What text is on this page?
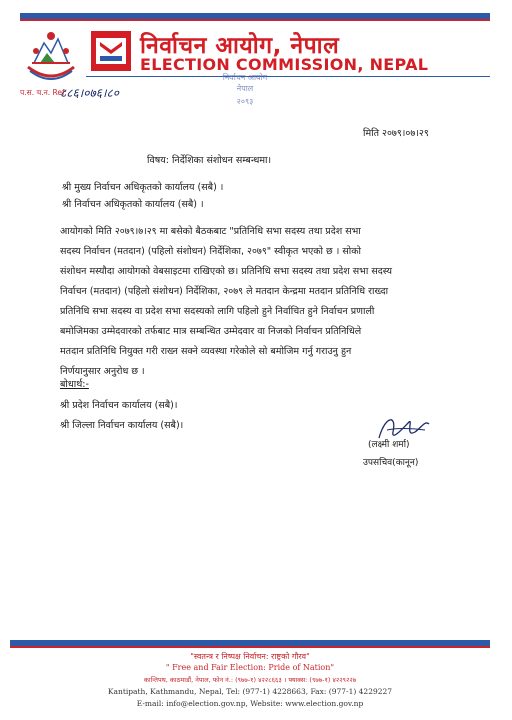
निर्वाचन आयोग, नेपाल
ELECTION COMMISSION, NEPAL
निर्वाचन आयोग
नेपाल
२०९३
प.स. च.न. Ref:
८८६।०७६।८०
मिति २०७९।०७।२९
विषय: निर्देशिका संशोधन सम्बन्धमा।
श्री मुख्य निर्वाचन अधिकृतको कार्यालय (सबै) ।
श्री निर्वाचन अधिकृतको कार्यालय (सबै) ।
आयोगको मिति २०७९।७।२९ मा बसेको बैठकबाट "प्रतिनिधि सभा सदस्य तथा प्रदेश सभा
सदस्य निर्वाचन (मतदान) (पहिलो संशोधन) निर्देशिका, २०७९" स्वीकृत भएको छ । सोको
संशोधन मस्यौदा आयोगको वेबसाइटमा राखिएको छ। प्रतिनिधि सभा सदस्य तथा प्रदेश सभा सदस्य
निर्वाचन (मतदान) (पहिलो संशोधन) निर्देशिका, २०७९ ले मतदान केन्द्रमा मतदान प्रतिनिधि राख्दा
प्रतिनिधि सभा सदस्य वा प्रदेश सभा सदस्यको लागि पहिलो हुने निर्वाचित हुने निर्वाचन प्रणाली
बमोजिमका उम्मेदवारको तर्फबाट मात्र सम्बन्धित उम्मेदवार वा निजको निर्वाचन प्रतिनिधिले
मतदान प्रतिनिधि नियुक्त गरी राख्न सक्ने व्यवस्था गरेकोले सो बमोजिम गर्नु गराउनु हुन
निर्णयानुसार अनुरोध छ ।
बोधार्थ:-
श्री प्रदेश निर्वाचन कार्यालय (सबै)।
श्री जिल्ला निर्वाचन कार्यालय (सबै)।
(लक्ष्मी शर्मा)
उपसचिव(कानून)
"स्वतन्त्र र निष्पक्ष निर्वाचन: राष्ट्रको गौरव"
" Free and Fair Election: Pride of Nation"
कान्तिपथ, काठमाडौं, नेपाल, फोन नं.: (९७७-१) ४२२८६६३ । फ्याक्स: (९७७-१) ४२२९२२७
Kantipath, Kathmandu, Nepal, Tel: (977-1) 4228663, Fax: (977-1) 4229227
E-mail: info@election.gov.np, Website: www.election.gov.np
